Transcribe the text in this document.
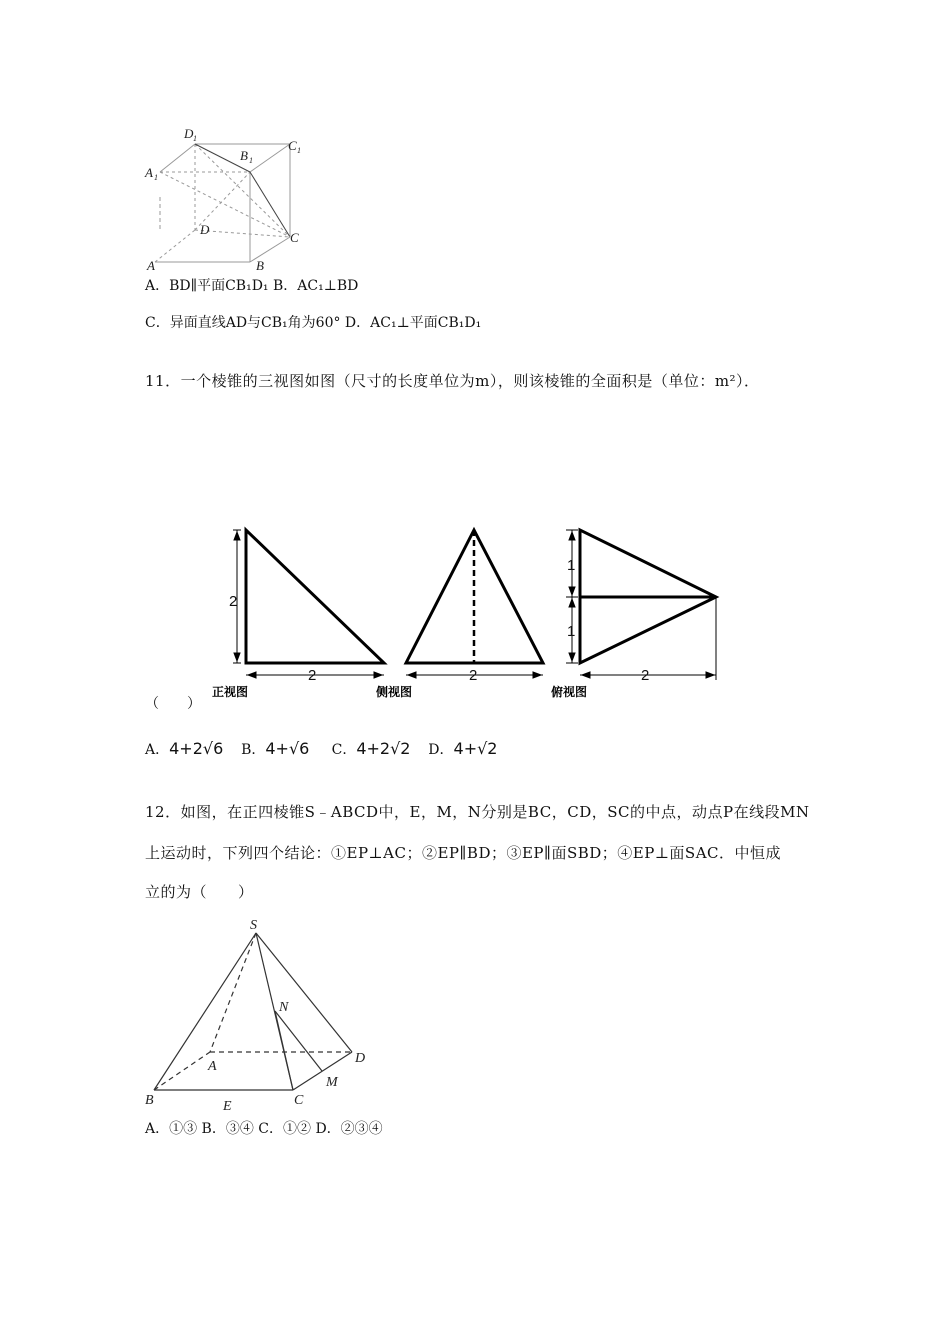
D 1
B 1
C 1
A 1
D
C
A	B
A．BD∥平面CB₁D₁ B．AC₁⊥BD
C．异面直线AD与CB₁角为60° D．AC₁⊥平面CB₁D₁
11．一个棱锥的三视图如图（尺寸的长度单位为m），则该棱锥的全面积是（单位：m²）．
2
2
正视图
2
侧视图
1
1
2
俯视图
（　　）
A．4+2√6 B．4+√6 C．4+2√2 D．4+√2
12．如图，在正四棱锥S﹣ABCD中，E，M，N分别是BC，CD，SC的中点，动点P在线段MN
上运动时，下列四个结论：①EP⊥AC；②EP∥BD；③EP∥面SBD；④EP⊥面SAC．中恒成
立的为（　　）
S
N
A
D
M
B	C
E
A．①③ B．③④ C．①② D．②③④
